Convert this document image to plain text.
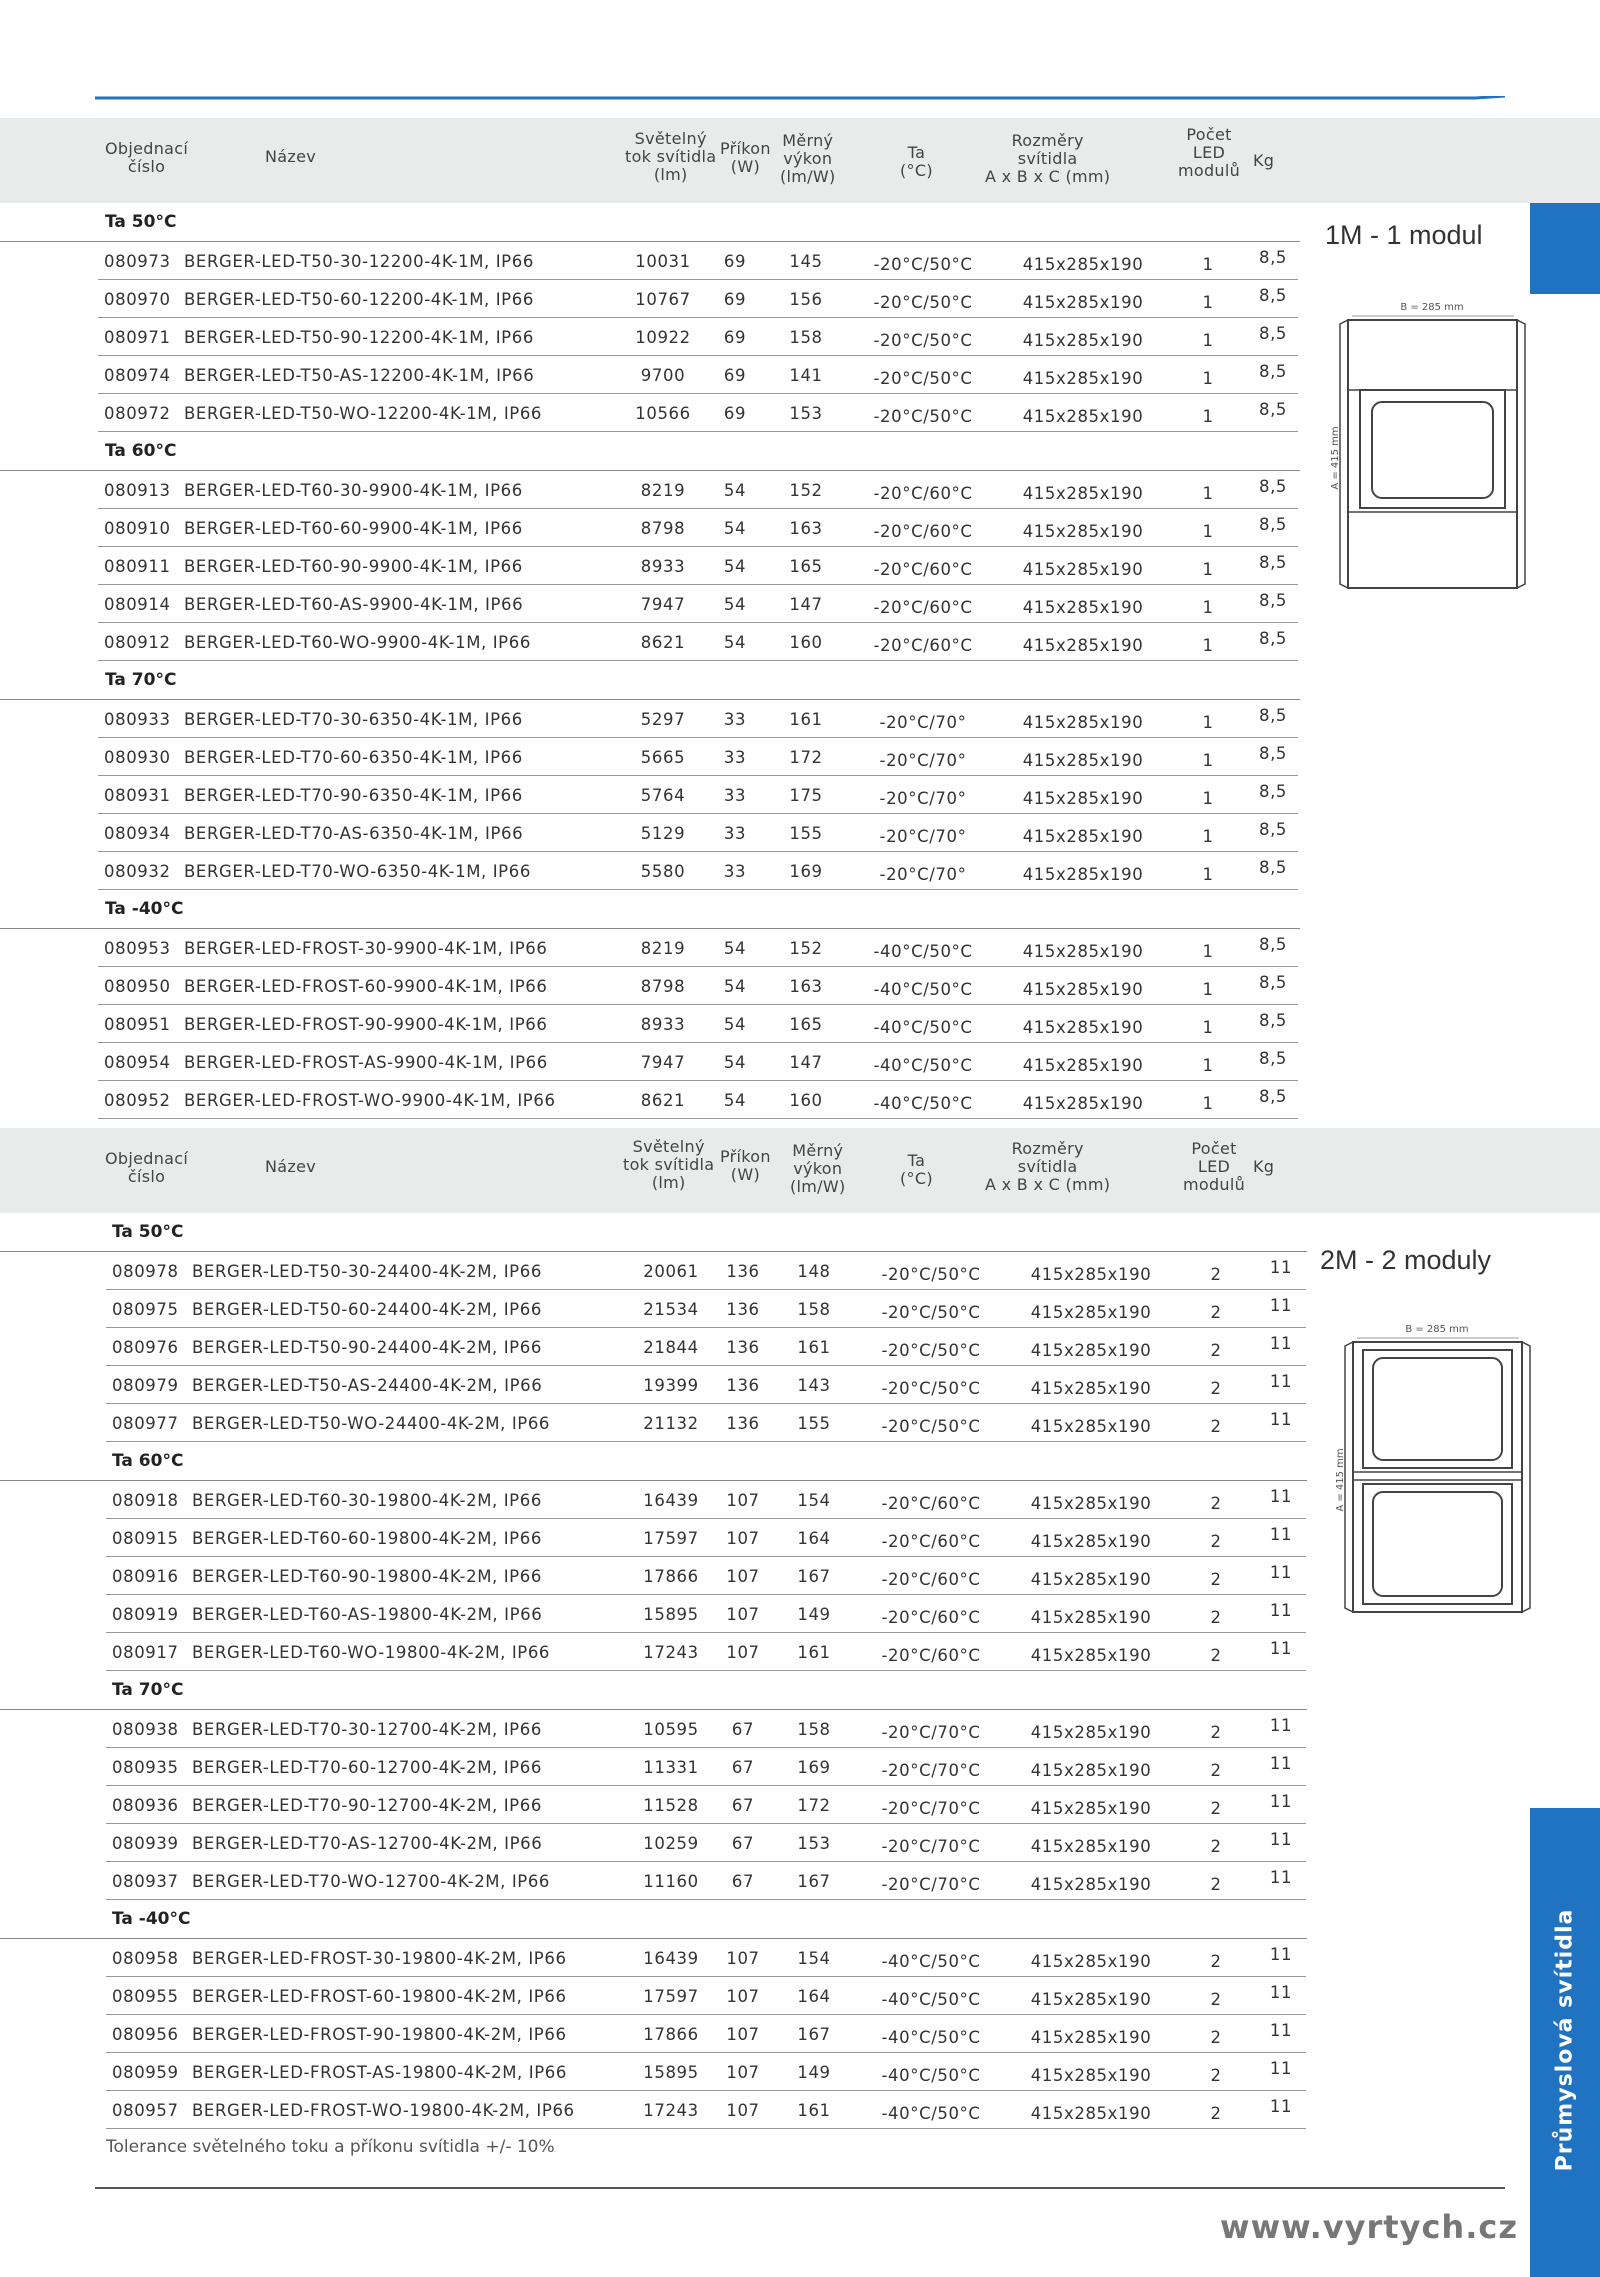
Objednací
číslo
Název
Světelný
tok svítidla
(lm)
Příkon
(W)
Měrný
výkon
(lm/W)
Ta
(°C)
Rozměry
svítidla
A x B x C (mm)
Počet
LED
modulů
Kg
Ta 50°C
080973 BERGER-LED-T50-30-12200-4K-1M, IP66	10031	69	145	-20°C/50°C	415x285x190	1	8,5
080970 BERGER-LED-T50-60-12200-4K-1M, IP66	10767	69	156	-20°C/50°C	415x285x190	1	8,5
080971 BERGER-LED-T50-90-12200-4K-1M, IP66	10922	69	158	-20°C/50°C	415x285x190	1	8,5
080974 BERGER-LED-T50-AS-12200-4K-1M, IP66	9700	69	141	-20°C/50°C	415x285x190	1	8,5
080972 BERGER-LED-T50-WO-12200-4K-1M, IP66	10566	69	153	-20°C/50°C	415x285x190	1	8,5
Ta 60°C
080913 BERGER-LED-T60-30-9900-4K-1M, IP66	8219	54	152	-20°C/60°C	415x285x190	1	8,5
080910 BERGER-LED-T60-60-9900-4K-1M, IP66	8798	54	163	-20°C/60°C	415x285x190	1	8,5
080911 BERGER-LED-T60-90-9900-4K-1M, IP66	8933	54	165	-20°C/60°C	415x285x190	1	8,5
080914 BERGER-LED-T60-AS-9900-4K-1M, IP66	7947	54	147	-20°C/60°C	415x285x190	1	8,5
080912 BERGER-LED-T60-WO-9900-4K-1M, IP66	8621	54	160	-20°C/60°C	415x285x190	1	8,5
Ta 70°C
080933 BERGER-LED-T70-30-6350-4K-1M, IP66	5297	33	161	-20°C/70°	415x285x190	1	8,5
080930 BERGER-LED-T70-60-6350-4K-1M, IP66	5665	33	172	-20°C/70°	415x285x190	1	8,5
080931 BERGER-LED-T70-90-6350-4K-1M, IP66	5764	33	175	-20°C/70°	415x285x190	1	8,5
080934 BERGER-LED-T70-AS-6350-4K-1M, IP66	5129	33	155	-20°C/70°	415x285x190	1	8,5
080932 BERGER-LED-T70-WO-6350-4K-1M, IP66	5580	33	169	-20°C/70°	415x285x190	1	8,5
Ta -40°C
080953 BERGER-LED-FROST-30-9900-4K-1M, IP66	8219	54	152	-40°C/50°C	415x285x190	1	8,5
080950 BERGER-LED-FROST-60-9900-4K-1M, IP66	8798	54	163	-40°C/50°C	415x285x190	1	8,5
080951 BERGER-LED-FROST-90-9900-4K-1M, IP66	8933	54	165	-40°C/50°C	415x285x190	1	8,5
080954 BERGER-LED-FROST-AS-9900-4K-1M, IP66	7947	54	147	-40°C/50°C	415x285x190	1	8,5
080952 BERGER-LED-FROST-WO-9900-4K-1M, IP66	8621	54	160	-40°C/50°C	415x285x190	1	8,5
1M - 1 modul
B = 285 mm
A = 415 mm
Objednací
číslo
Název
Světelný
tok svítidla
(lm)
Příkon
(W)
Měrný
výkon
(lm/W)
Ta
(°C)
Rozměry
svítidla
A x B x C (mm)
Počet
LED
modulů
Kg
Ta 50°C
080978 BERGER-LED-T50-30-24400-4K-2M, IP66	20061	136	148	-20°C/50°C	415x285x190	2	11
080975 BERGER-LED-T50-60-24400-4K-2M, IP66	21534	136	158	-20°C/50°C	415x285x190	2	11
080976 BERGER-LED-T50-90-24400-4K-2M, IP66	21844	136	161	-20°C/50°C	415x285x190	2	11
080979 BERGER-LED-T50-AS-24400-4K-2M, IP66	19399	136	143	-20°C/50°C	415x285x190	2	11
080977 BERGER-LED-T50-WO-24400-4K-2M, IP66	21132	136	155	-20°C/50°C	415x285x190	2	11
Ta 60°C
080918 BERGER-LED-T60-30-19800-4K-2M, IP66	16439	107	154	-20°C/60°C	415x285x190	2	11
080915 BERGER-LED-T60-60-19800-4K-2M, IP66	17597	107	164	-20°C/60°C	415x285x190	2	11
080916 BERGER-LED-T60-90-19800-4K-2M, IP66	17866	107	167	-20°C/60°C	415x285x190	2	11
080919 BERGER-LED-T60-AS-19800-4K-2M, IP66	15895	107	149	-20°C/60°C	415x285x190	2	11
080917 BERGER-LED-T60-WO-19800-4K-2M, IP66	17243	107	161	-20°C/60°C	415x285x190	2	11
Ta 70°C
080938 BERGER-LED-T70-30-12700-4K-2M, IP66	10595	67	158	-20°C/70°C	415x285x190	2	11
080935 BERGER-LED-T70-60-12700-4K-2M, IP66	11331	67	169	-20°C/70°C	415x285x190	2	11
080936 BERGER-LED-T70-90-12700-4K-2M, IP66	11528	67	172	-20°C/70°C	415x285x190	2	11
080939 BERGER-LED-T70-AS-12700-4K-2M, IP66	10259	67	153	-20°C/70°C	415x285x190	2	11
080937 BERGER-LED-T70-WO-12700-4K-2M, IP66	11160	67	167	-20°C/70°C	415x285x190	2	11
Ta -40°C
080958 BERGER-LED-FROST-30-19800-4K-2M, IP66	16439	107	154	-40°C/50°C	415x285x190	2	11
080955 BERGER-LED-FROST-60-19800-4K-2M, IP66	17597	107	164	-40°C/50°C	415x285x190	2	11
080956 BERGER-LED-FROST-90-19800-4K-2M, IP66	17866	107	167	-40°C/50°C	415x285x190	2	11
080959 BERGER-LED-FROST-AS-19800-4K-2M, IP66	15895	107	149	-40°C/50°C	415x285x190	2	11
080957 BERGER-LED-FROST-WO-19800-4K-2M, IP66	17243	107	161	-40°C/50°C	415x285x190	2	11
2M - 2 moduly
B = 285 mm
A = 415 mm
Tolerance světelného toku a příkonu svítidla +/- 10%
www.vyrtych.cz
Průmyslová svítidla
